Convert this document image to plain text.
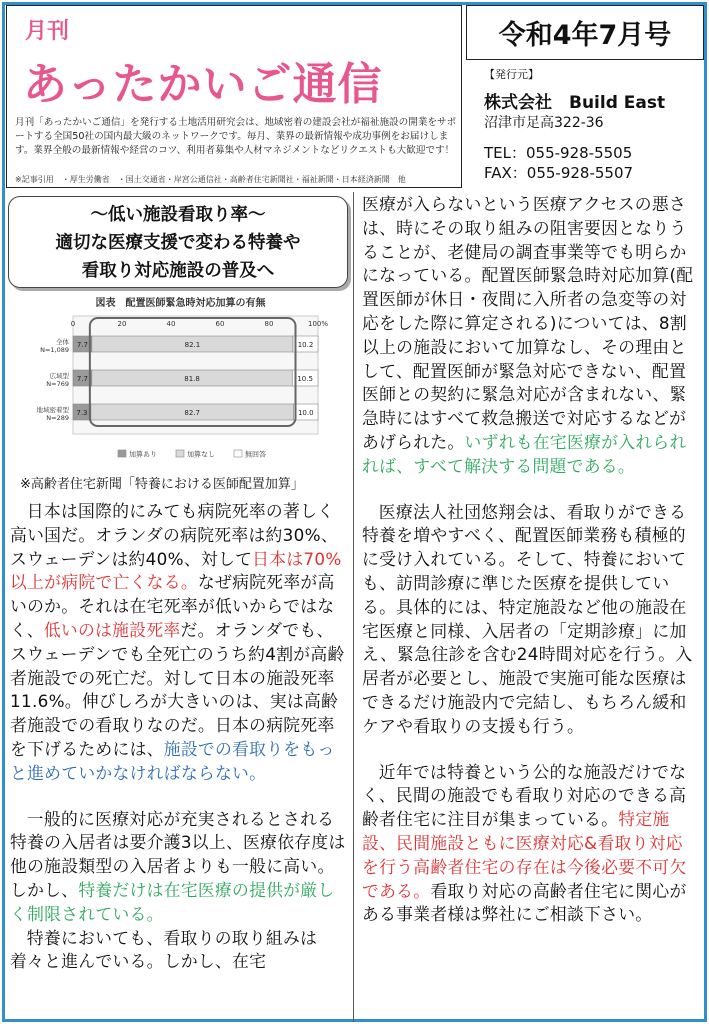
月刊
あったかいご通信
月刊「あったかいご通信」を発行する土地活用研究会は、地域密着の建設会社が福祉施設の開業をサポートする全国50社の国内最大級のネットワークです。毎月、業界の最新情報や成功事例をお届けします。業界全般の最新情報や経営のコツ、利用者募集や人材マネジメントなどリクエストも大歓迎です！
※記事引用　・厚生労働省　・国土交通省・岸宮公通信社・高齢者住宅新聞社・福祉新聞・日本経済新聞　他
令和4年7月号
【発行元】
株式会社　Build East
沼津市足高322-36
TEL：055-928-5505
FAX：055-928-5507
～低い施設看取り率～
適切な医療支援で変わる特養や
看取り対応施設の普及へ
図表　配置医師緊急時対応加算の有無
0	20	40	60	80	100%
全体
N=1,089
7.7	82.1	10.2
広域型
N=769
7.7	81.8	10.5
地域密着型
N=289
7.3	82.7	10.0
加算あり	加算なし	無回答
※高齢者住宅新聞「特養における医師配置加算」

日本は国際的にみても病院死率の著しく高い国だ。オランダの病院死率は約30%、スウェーデンは約40%、対して日本は70%以上が病院で亡くなる。なぜ病院死率が高いのか。それは在宅死率が低いからではなく、低いのは施設死率だ。オランダでも、スウェーデンでも全死亡のうち約4割が高齢者施設での死亡だ。対して日本の施設死率11.6%。伸びしろが大きいのは、実は高齢者施設での看取りなのだ。日本の病院死率を下げるためには、施設での看取りをもっと進めていかなければならない。

一般的に医療対応が充実されるとされる特養の入居者は要介護3以上、医療依存度は他の施設類型の入居者よりも一般に高い。しかし、特養だけは在宅医療の提供が厳しく制限されている。

特養においても、看取りの取り組みは着々と進んでいる。しかし、在宅

医療が入らないという医療アクセスの悪さは、時にその取り組みの阻害要因となりうることが、老健局の調査事業等でも明らかになっている。配置医師緊急時対応加算(配置医師が休日・夜間に入所者の急変等の対応をした際に算定される)については、8割以上の施設において加算なし、その理由として、配置医師が緊急対応できない、配置医師との契約に緊急対応が含まれない、緊急時にはすべて救急搬送で対応するなどがあげられた。いずれも在宅医療が入れられれば、すべて解決する問題である。

医療法人社団悠翔会は、看取りができる特養を増やすべく、配置医師業務も積極的に受け入れている。そして、特養においても、訪問診療に準じた医療を提供している。具体的には、特定施設など他の施設在宅医療と同様、入居者の「定期診療」に加え、緊急往診を含む24時間対応を行う。入居者が必要とし、施設で実施可能な医療はできるだけ施設内で完結し、もちろん緩和ケアや看取りの支援も行う。

近年では特養という公的な施設だけでなく、民間の施設でも看取り対応のできる高齢者住宅に注目が集まっている。特定施設、民間施設ともに医療対応&看取り対応を行う高齢者住宅の存在は今後必要不可欠である。看取り対応の高齢者住宅に関心がある事業者様は弊社にご相談下さい。
